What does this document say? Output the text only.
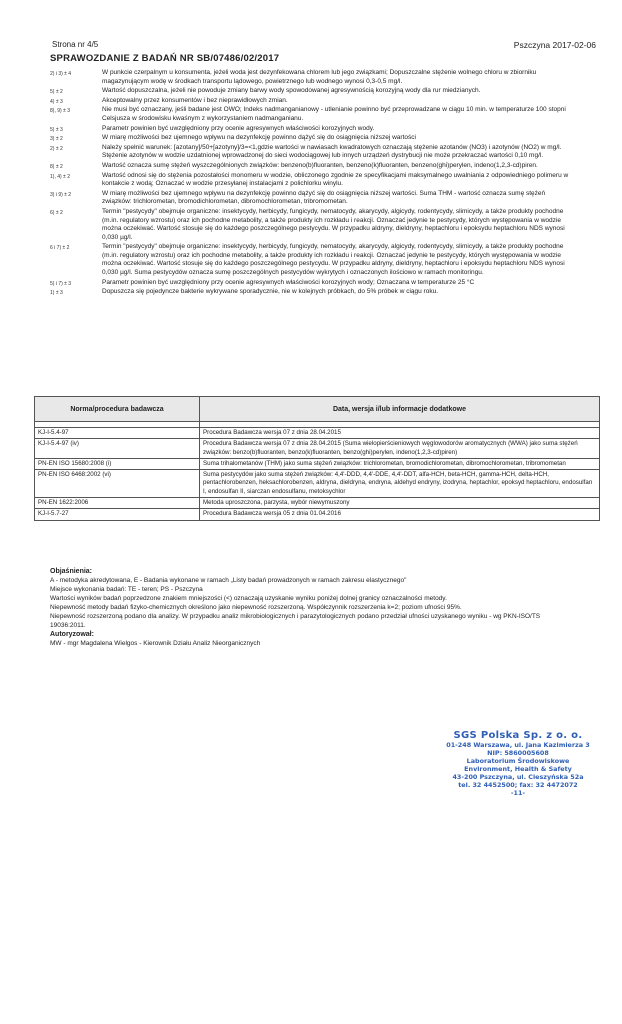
Strona nr 4/5	Pszczyna 2017-02-06
SPRAWOZDANIE Z BADAŃ NR SB/07486/02/2017
2) i 3) ± 4	W punkcie czerpalnym u konsumenta, jeżeli woda jest dezynfekowana chlorem lub jego związkami; Dopuszczalne stężenie wolnego chloru w zbiorniku magazynującym wodę w środkach transportu lądowego, powietrznego lub wodnego wynosi 0,3-0,5 mg/l.
5) ± 2	Wartość dopuszczalna, jeżeli nie powoduje zmiany barwy wody spowodowanej agresywnością korozyjną wody dla rur miedzianych.
4) ± 3	Akceptowalny przez konsumentów i bez nieprawidłowych zmian.
8), 9) ± 3	Nie musi być oznaczany, jeśli badane jest OWO; Indeks nadmanganianowy - utlenianie powinno być przeprowadzane w ciągu 10 min. w temperaturze 100 stopni Celsjusza w środowisku kwaśnym z wykorzystaniem nadmanganianu.
5) ± 3	Parametr powinien być uwzględniony przy ocenie agresywnych właściwości korozyjnych wody.
3) ± 2	W miarę możliwości bez ujemnego wpływu na dezynfekcję powinno dążyć się do osiągnięcia niższej wartości
2) ± 2	Należy spełnić warunek: [azotany]/50+[azotyny]/3=<1,gdzie wartości w nawiasach kwadratowych oznaczają stężenie azotanów (NO3) i azotynów (NO2) w mg/l. Stężenie azotynów w wodzie uzdatnionej wprowadzonej do sieci wodociągowej lub innych urządzeń dystrybucji nie może przekraczać wartości 0,10 mg/l.
8) ± 2	Wartość oznacza sumę stężeń wyszczególnionych związków: benzeno(b)fluoranten, benzeno(k)fluoranten, benzeno(ghi)perylen, indeno(1,2,3-cd)piren.
1), 4) ± 2	Wartość odnosi się do stężenia pozostałości monomeru w wodzie, obliczonego zgodnie ze specyfikacjami maksymalnego uwalniania z odpowiedniego polimeru w kontakcie z wodą; Oznaczać w wodzie przesyłanej instalacjami z polichlorku winylu.
3) i 9) ± 2	W miarę możliwości bez ujemnego wpływu na dezynfekcję powinno dążyć się do osiągnięcia niższej wartości. Suma THM - wartość oznacza sumę stężeń związków: trichlorometan, bromodichlorometan, dibromochlorometan, tribromometan.
6) ± 2	Termin "pestycydy" obejmuje organiczne: insektycydy, herbicydy, fungicydy, nematocydy, akarycydy, algicydy, rodentycydy, slimicydy, a także produkty pochodne (m.in. regulatory wzrostu) oraz ich pochodne metabolity, a także produkty ich rozkładu i reakcji. Oznaczać jedynie te pestycydy, których występowania w wodzie można oczekiwać. Wartość stosuje się do każdego poszczególnego pestycydu. W przypadku aldryny, dieldryny, heptachloru i epoksydu heptachloru NDS wynosi 0,030 µg/l.
6 i 7) ± 2	Termin "pestycydy" obejmuje organiczne: insektycydy, herbicydy, fungicydy, nematocydy, akarycydy, algicydy, rodentycydy, slimicydy, a także produkty pochodne (m.in. regulatory wzrostu) oraz ich pochodne metabolity, a także produkty ich rozkładu i reakcji. Oznaczać jedynie te pestycydy, których występowania w wodzie można oczekiwać. Wartość stosuje się do każdego poszczególnego pestycydu. W przypadku aldryny, dieldryny, heptachloru i epoksydu heptachloru NDS wynosi 0,030 µg/l. Suma pestycydów oznacza sumę poszczególnych pestycydów wykrytych i oznaczonych ilościowo w ramach monitoringu.
5) i 7) ± 3	Parametr powinien być uwzględniony przy ocenie agresywnych właściwości korozyjnych wody; Oznaczana w temperaturze 25 °C
1) ± 3	Dopuszcza się pojedyncze bakterie wykrywane sporadycznie, nie w kolejnych próbkach, do 5% próbek w ciągu roku.
Norma/procedura badawcza	Data, wersja i/lub informacje dodatkowe

KJ-I-5.4-97	Procedura Badawcza wersja 07 z dnia 28.04.2015
KJ-I-5.4-97 (iv)	Procedura Badawcza wersja 07 z dnia 28.04.2015 (Suma wielopierścieniowych węglowodorów aromatycznych (WWA) jako suma stężeń związków: benzo(b)fluoranten, benzo(k)fluoranten, benzo(ghi)perylen, indeno(1,2,3-cd)piren)
PN-EN ISO 15680:2008 (i)	Suma trihalometanów (THM) jako suma stężeń związków: trichlorometan, bromodichlorometan, dibromochlorometan, tribromometan
PN-EN ISO 6468:2002 (vi)	Suma pestycydów jako suma stężeń związków: 4,4'-DDD, 4,4'-DDE, 4,4'-DDT, alfa-HCH, beta-HCH, gamma-HCH, delta-HCH, pentachlorobenzen, heksachlorobenzen, aldryna, dieldryna, endryna, aldehyd endryny, izodryna, heptachlor, epoksyd heptachloru, endosulfan I, endosulfan II, siarczan endosulfanu, metoksychlor
PN-EN 1622:2006	Metoda uproszczona, parzysta, wybór niewymuszony
KJ-I-5.7-27	Procedura Badawcza wersja 05 z dnia 01.04.2016
Objaśnienia:
A - metodyka akredytowana, E - Badania wykonane w ramach „Listy badań prowadzonych w ramach zakresu elastycznego"
Miejsce wykonania badań: TE - teren; PS - Pszczyna
Wartości wyników badań poprzedzone znakiem mniejszości (<) oznaczają uzyskanie wyniku poniżej dolnej granicy oznaczalności metody.
Niepewność metody badań fizyko-chemicznych określono jako niepewność rozszerzoną. Współczynnik rozszerzenia k=2; poziom ufności 95%.
Niepewność rozszerzoną podano dla analizy. W przypadku analiz mikrobiologicznych i parazytologicznych podano przedział ufności uzyskanego wyniku - wg PKN-ISO/TS 19036:2011.
Autoryzował:
MW - mgr Magdalena Wielgos - Kierownik Działu Analiz Nieorganicznych
SGS Polska Sp. z o. o.
01-248 Warszawa, ul. Jana Kazimierza 3
NIP: 5860005608
Laboratorium Środowiskowe
Environment, Health & Safety
43-200 Pszczyna, ul. Cieszyńska 52a
tel. 32 4452500; fax: 32 4472072
-11-
